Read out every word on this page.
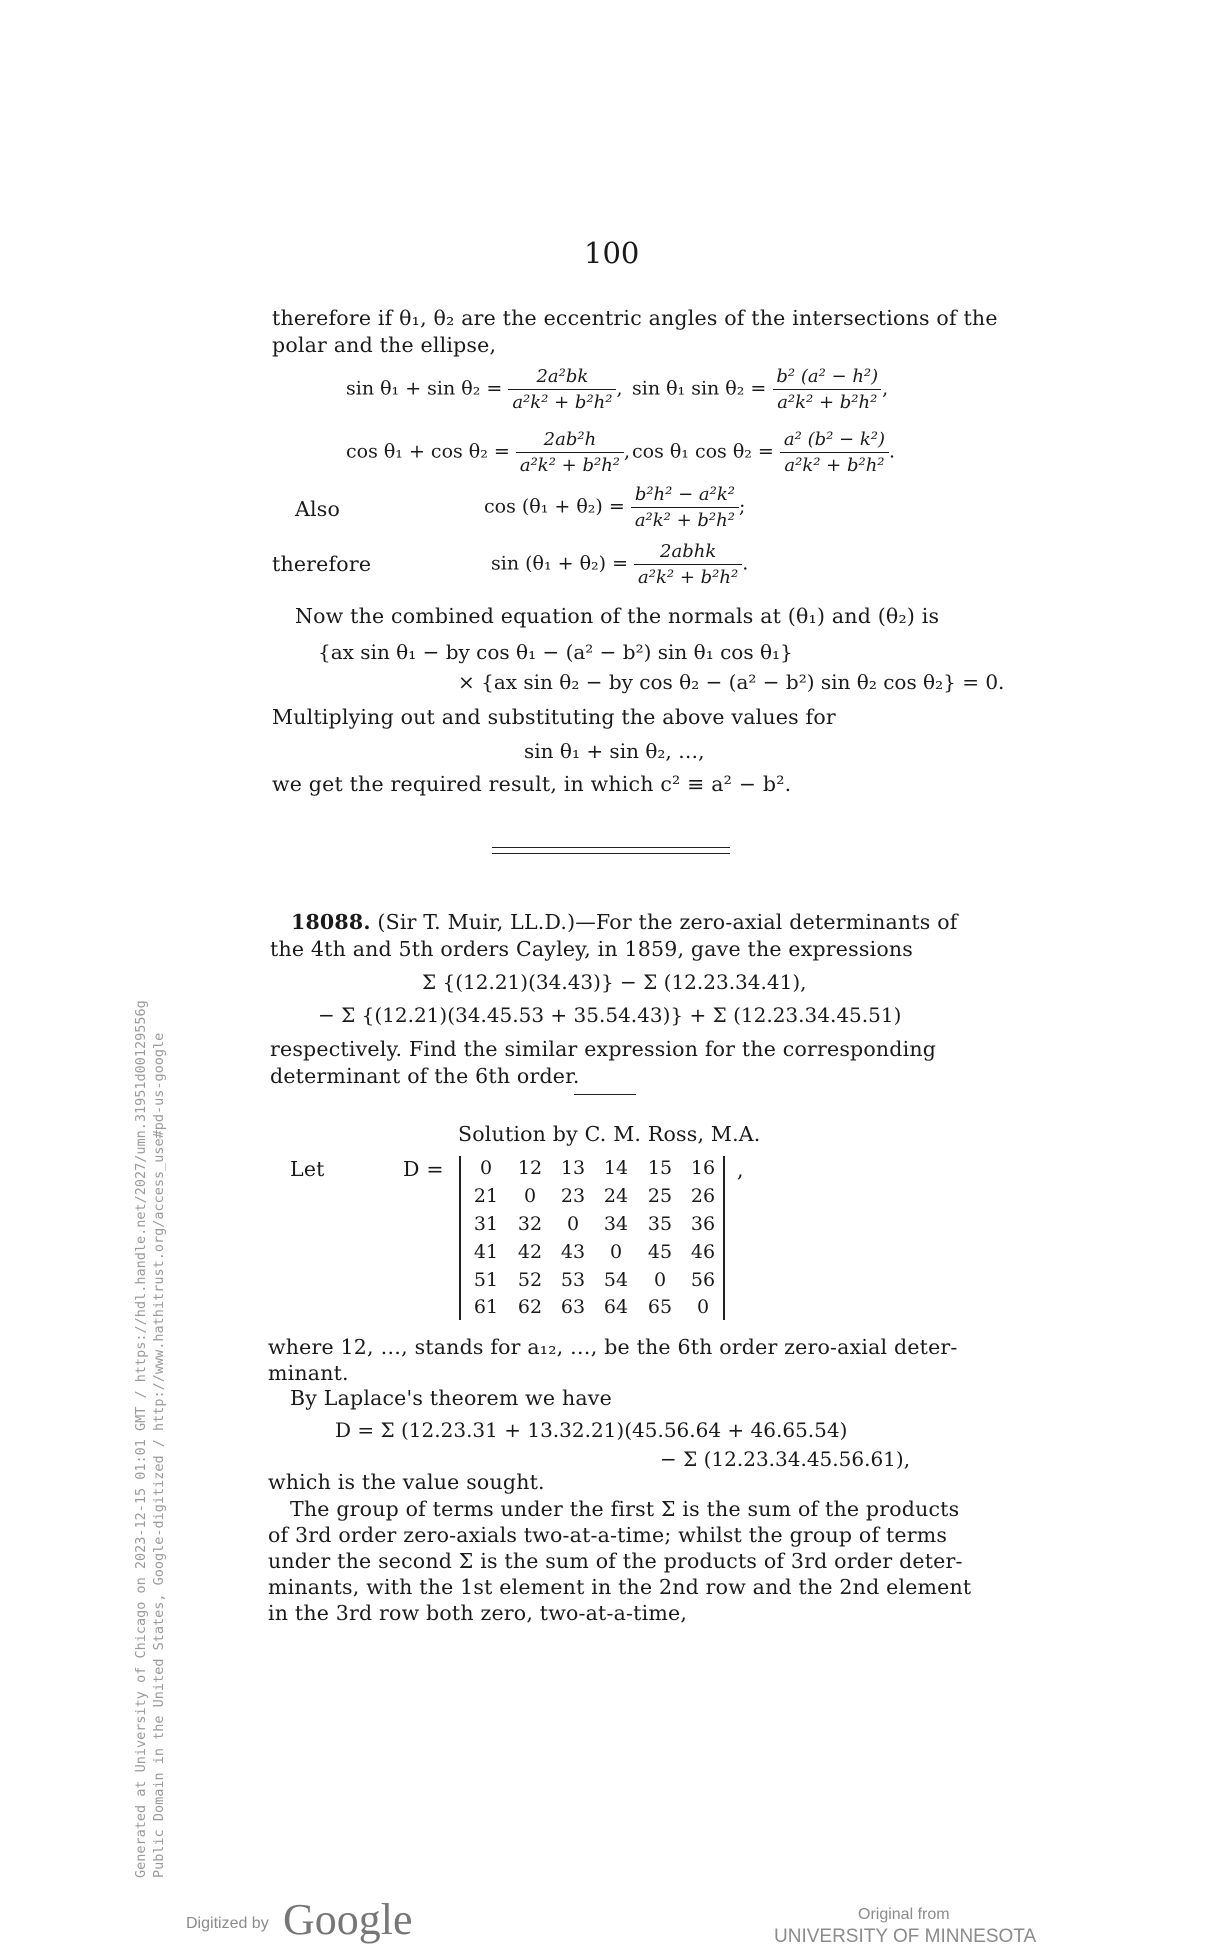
100
therefore if θ₁, θ₂ are the eccentric angles of the intersections of the
polar and the ellipse,
$\sin \theta_1 + \sin \theta_2 = \frac{\text{2a²bk}}{\text{a²k² + b²h²}}$ , sin θ₁ $\sin \theta_2 = \frac{\text{b² (a² − h²)}}{\text{a²k² + b²h²}}$ ,
$\cos \theta_1 + \cos \theta_2 = \frac{\text{2ab²h}}{\text{a²k² + b²h²}}$ , cos θ₁ $\cos \theta_2 = \frac{\text{a² (b² − k²)}}{\text{a²k² + b²h²}}$ .
Also	$\cos (\theta_1 + \theta_2) = \frac{\text{b²h² − a²k²}}{\text{a²k² + b²h²}}$ ;
therefore	$\sin (\theta_1 + \theta_2) = \frac{\text{2abhk}}{\text{a²k² + b²h²}}$ .
Now the combined equation of the normals at (θ₁) and (θ₂) is
{ax sin θ₁ − by cos θ₁ − (a² − b²) sin θ₁ cos θ₁}
× {ax sin θ₂ − by cos θ₂ − (a² − b²) sin θ₂ cos θ₂} = 0.
Multiplying out and substituting the above values for
sin θ₁ + sin θ₂, …,
we get the required result, in which c² ≡ a² − b².
18088. (Sir T. Muir, LL.D.)—For the zero-axial determinants of
the 4th and 5th orders Cayley, in 1859, gave the expressions
Σ {(12.21)(34.43)} − Σ (12.23.34.41),
− Σ {(12.21)(34.45.53 + 35.54.43)} + Σ (12.23.34.45.51)
respectively. Find the similar expression for the corresponding
determinant of the 6th order.
Solution by C. M. Ross, M.A.
Let	D =	,
0	12 13 14	15 16
21	0	23 24	25 26
31	32	0	34	35 36
41	42 43	0	45 46
51	52 53 54	0	56
61	62 63 64	65	0
where 12, …, stands for a₁₂, …, be the 6th order zero-axial deter-
minant.
By Laplace's theorem we have
D = Σ (12.23.31 + 13.32.21)(45.56.64 + 46.65.54)
− Σ (12.23.34.45.56.61),
which is the value sought.
The group of terms under the first Σ is the sum of the products
of 3rd order zero-axials two-at-a-time; whilst the group of terms
under the second Σ is the sum of the products of 3rd order deter-
minants, with the 1st element in the 2nd row and the 2nd element
in the 3rd row both zero, two-at-a-time,
Generated at University of Chicago on 2023-12-15 01:01 GMT / https://hdl.handle.net/2027/umn.31951d00129556g Public Domain in the United States, Google-digitized / http://www.hathitrust.org/access_use#pd-us-google
Digitized by Google	Original from
UNIVERSITY OF MINNESOTA
